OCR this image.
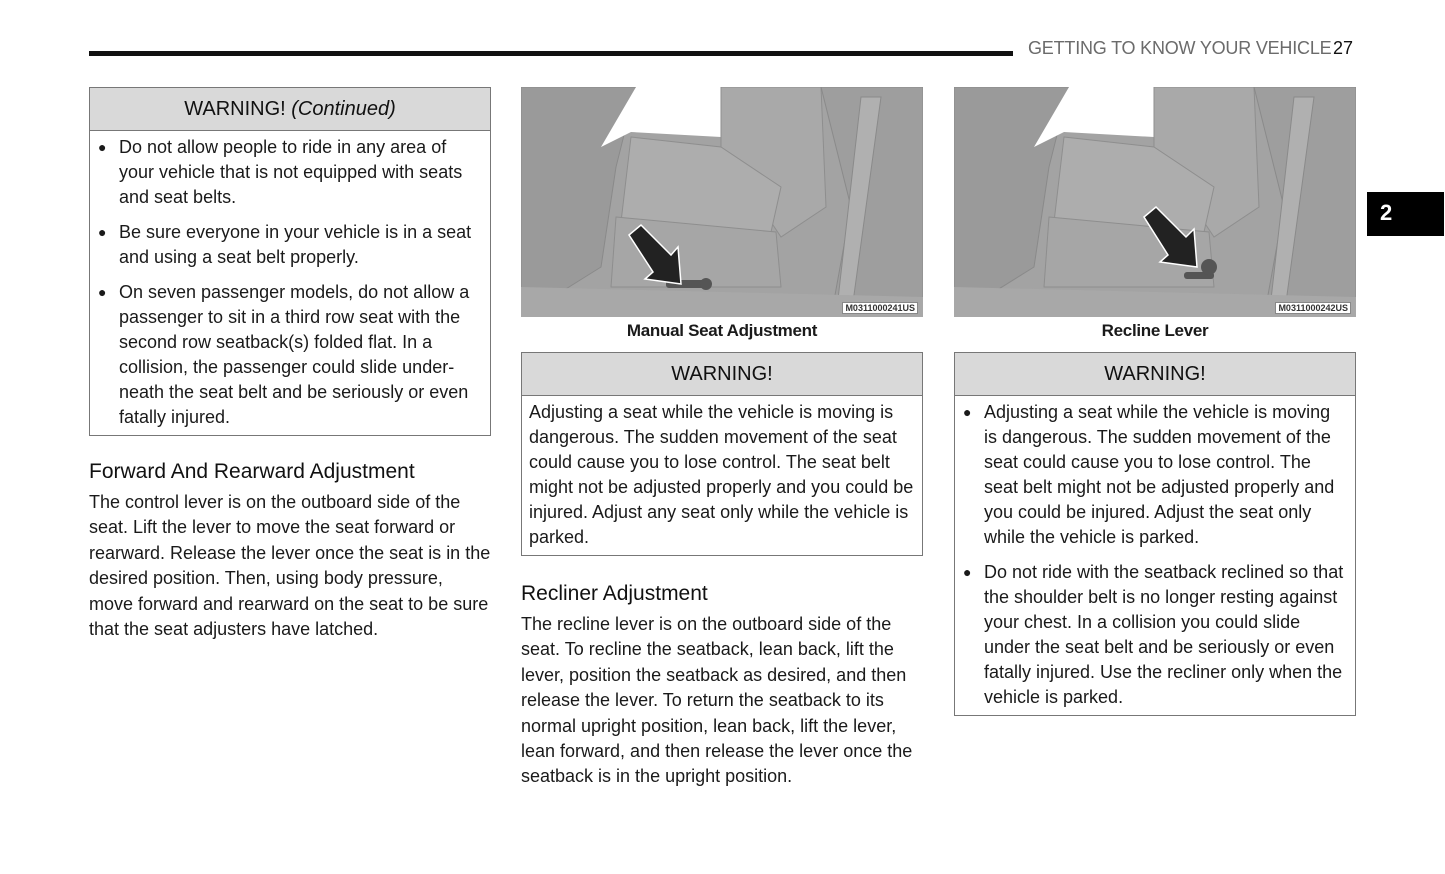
GETTING TO KNOW YOUR VEHICLE 27
2
WARNING! (Continued)
● Do not allow people to ride in any area of your vehicle that is not equipped with seats and seat belts.
● Be sure everyone in your vehicle is in a seat and using a seat belt properly.
● On seven passenger models, do not allow a passenger to sit in a third row seat with the second row seatback(s) folded flat. In a collision, the passenger could slide under-neath the seat belt and be seriously or even fatally injured.
Forward And Rearward Adjustment
The control lever is on the outboard side of the seat. Lift the lever to move the seat forward or rearward. Release the lever once the seat is in the desired position. Then, using body pressure, move forward and rearward on the seat to be sure that the seat adjusters have latched.
M0311000241US
Manual Seat Adjustment
WARNING!
Adjusting a seat while the vehicle is moving is dangerous. The sudden movement of the seat could cause you to lose control. The seat belt might not be adjusted properly and you could be injured. Adjust any seat only while the vehicle is parked.
Recliner Adjustment
The recline lever is on the outboard side of the seat. To recline the seatback, lean back, lift the lever, position the seatback as desired, and then release the lever. To return the seatback to its normal upright position, lean back, lift the lever, lean forward, and then release the lever once the seatback is in the upright position.
M0311000242US
Recline Lever
WARNING!
● Adjusting a seat while the vehicle is moving is dangerous. The sudden movement of the seat could cause you to lose control. The seat belt might not be adjusted properly and you could be injured. Adjust the seat only while the vehicle is parked.
● Do not ride with the seatback reclined so that the shoulder belt is no longer resting against your chest. In a collision you could slide under the seat belt and be seriously or even fatally injured. Use the recliner only when the vehicle is parked.
